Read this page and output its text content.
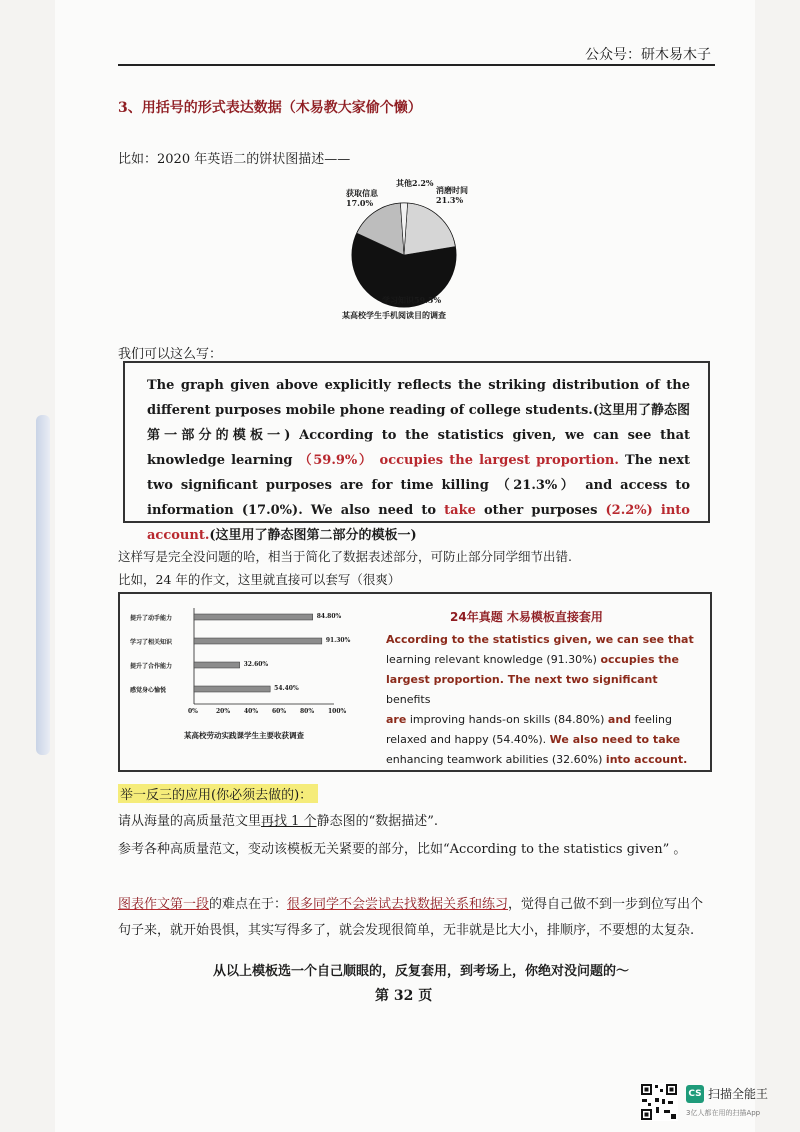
公众号：研木易木子
3、用括号的形式表达数据（木易教大家偷个懒）
比如：2020 年英语二的饼状图描述——
其他2.2%
获取信息
17.0%
消磨时间
21.3%
学习知识59.5%
某高校学生手机阅读目的调查
我们可以这么写：
The graph given above explicitly reflects the striking distribution of the different purposes mobile phone reading of college students.(这里用了静态图第一部分的模板一) According to the statistics given, we can see that knowledge learning （59.9%） occupies the largest proportion. The next two significant purposes are for time killing （21.3%） and access to information (17.0%). We also need to take other purposes (2.2%) into account.(这里用了静态图第二部分的模板一)
这样写是完全没问题的哈，相当于简化了数据表述部分，可防止部分同学细节出错.
比如，24 年的作文，这里就直接可以套写（很爽）
提升了动手能力	84.80%
学习了相关知识	91.30%
提升了合作能力	32.60%
感觉身心愉悦	54.40%
0%	20% 40% 60% 80% 100%
某高校劳动实践课学生主要收获调查
24年真题 木易模板直接套用
According to the statistics given, we can see that
learning relevant knowledge (91.30%) occupies the
largest proportion. The next two significant benefits
are improving hands-on skills (84.80%) and feeling
relaxed and happy (54.40%). We also need to take
enhancing teamwork abilities (32.60%) into account.
举一反三的应用(你必须去做的)：
请从海量的高质量范文里再找 1 个静态图的“数据描述”.
参考各种高质量范文，变动该模板无关紧要的部分，比如“According to the statistics given” 。
图表作文第一段的难点在于：很多同学不会尝试去找数据关系和练习，觉得自己做不到一步到位写出个
句子来，就开始畏惧，其实写得多了，就会发现很简单，无非就是比大小，排顺序，不要想的太复杂.
从以上模板选一个自己顺眼的，反复套用，到考场上，你绝对没问题的～
第 32 页
CS 扫描全能王
3亿人都在用的扫描App
